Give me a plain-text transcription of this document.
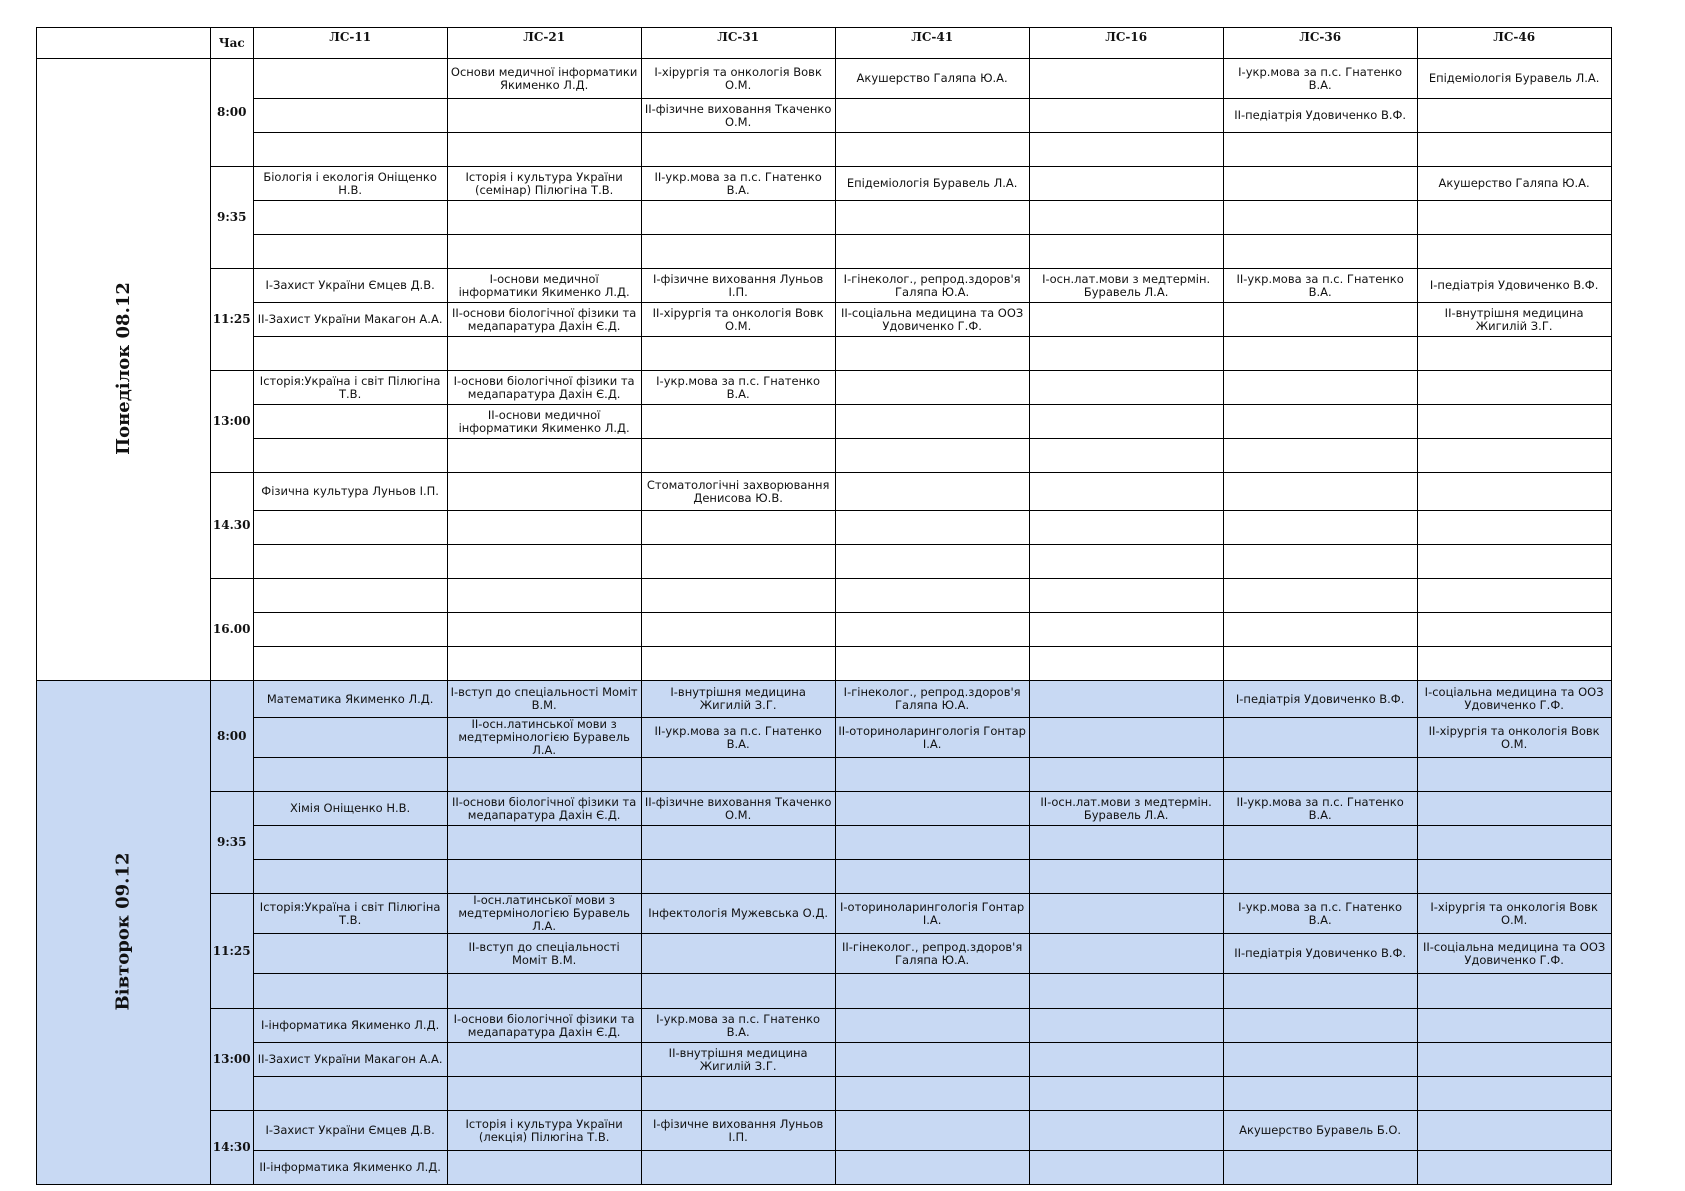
	Час	ЛС-11	ЛС-21	ЛС-31	ЛС-41	ЛС-16	ЛС-36	ЛС-46
Понеділок 08.12	8:00		Основи медичної інформатики Якименко Л.Д.	I-хірургія та онкологія Вовк О.М.	Акушерство Галяпа Ю.А.		I-укр.мова за п.с. Гнатенко В.А.	Епідеміологія Буравель Л.А.
				II-фізичне виховання Ткаченко О.М.			II-педіатрія Удовиченко В.Ф.	

	9:35	Біологія і екологія Оніщенко Н.В.	Історія і культура України (семінар) Пілюгіна Т.В.	II-укр.мова за п.с. Гнатенко В.А.	Епідеміологія Буравель Л.А.			Акушерство Галяпа Ю.А.

	11:25	I-Захист України Ємцев Д.В.	I-основи медичної інформатики Якименко Л.Д.	I-фізичне виховання Луньов І.П.	I-гінеколог., репрод.здоров'я Галяпа Ю.А.	I-осн.лат.мови з медтермін. Буравель Л.А.	II-укр.мова за п.с. Гнатенко В.А.	I-педіатрія Удовиченко В.Ф.
		II-Захист України Макагон А.А.	II-основи біологічної фізики та медапаратура Дахін Є.Д.	II-хірургія та онкологія Вовк О.М.	II-соціальна медицина та ООЗ Удовиченко Г.Ф.			II-внутрішня медицина Жигилій З.Г.

	13:00	Історія:Україна і світ Пілюгіна Т.В.	I-основи біологічної фізики та медапаратура Дахін Є.Д.	I-укр.мова за п.с. Гнатенко В.А.				
			II-основи медичної інформатики Якименко Л.Д.					

	14.30	Фізична культура Луньов І.П.		Стоматологічні захворювання Денисова Ю.В.				

	16.00							

Вівторок 09.12	8:00	Математика Якименко Л.Д.	I-вступ до спеціальності Моміт В.М.	I-внутрішня медицина Жигилій З.Г.	I-гінеколог., репрод.здоров'я Галяпа Ю.А.		I-педіатрія Удовиченко В.Ф.	I-соціальна медицина та ООЗ Удовиченко Г.Ф.
			II-осн.латинської мови з медтермінологією Буравель Л.А.	II-укр.мова за п.с. Гнатенко В.А.	II-оториноларингологія Гонтар І.А.			II-хірургія та онкологія Вовк О.М.

	9:35	Хімія Оніщенко Н.В.	II-основи біологічної фізики та медапаратура Дахін Є.Д.	II-фізичне виховання Ткаченко О.М.		II-осн.лат.мови з медтермін. Буравель Л.А.	II-укр.мова за п.с. Гнатенко В.А.	

	11:25	Історія:Україна і світ Пілюгіна Т.В.	I-осн.латинської мови з медтермінологією Буравель Л.А.	Інфектологія Мужевська О.Д.	I-оториноларингологія Гонтар І.А.		I-укр.мова за п.с. Гнатенко В.А.	I-хірургія та онкологія Вовк О.М.
			II-вступ до спеціальності Моміт В.М.		II-гінеколог., репрод.здоров'я Галяпа Ю.А.		II-педіатрія Удовиченко В.Ф.	II-соціальна медицина та ООЗ Удовиченко Г.Ф.

	13:00	I-інформатика Якименко Л.Д.	I-основи біологічної фізики та медапаратура Дахін Є.Д.	I-укр.мова за п.с. Гнатенко В.А.				
		II-Захист України Макагон А.А.		II-внутрішня медицина Жигилій З.Г.				

	14:30	I-Захист України Ємцев Д.В.	Історія і культура України (лекція) Пілюгіна Т.В.	I-фізичне виховання Луньов І.П.			Акушерство Буравель Б.О.	
		II-інформатика Якименко Л.Д.						
